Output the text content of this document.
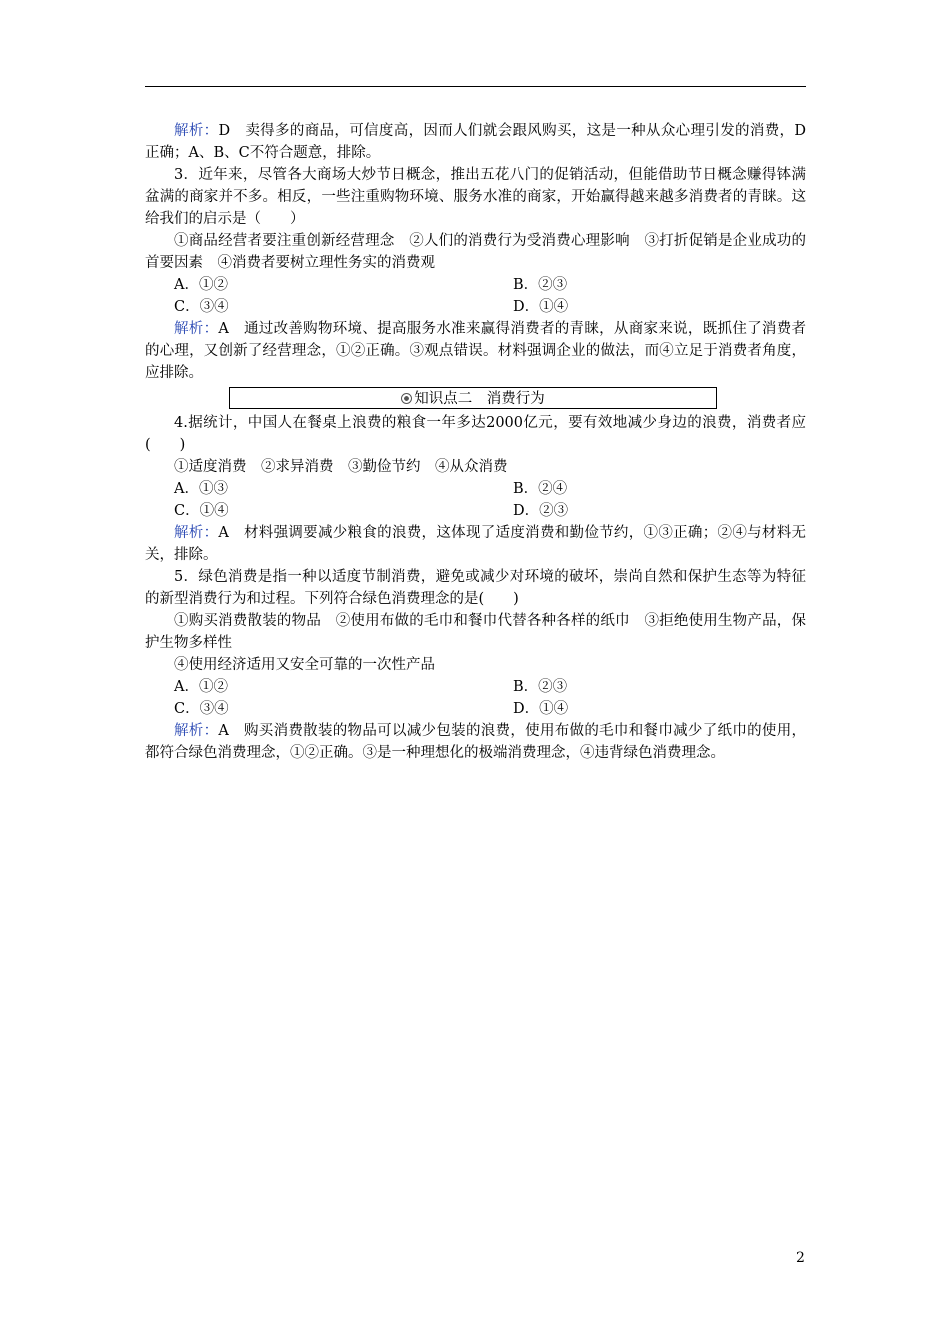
解析：D　卖得多的商品，可信度高，因而人们就会跟风购买，这是一种从众心理引发的消费，D正确；A、B、C不符合题意，排除。

3．近年来，尽管各大商场大炒节日概念，推出五花八门的促销活动，但能借助节日概念赚得钵满盆满的商家并不多。相反，一些注重购物环境、服务水准的商家，开始赢得越来越多消费者的青睐。这给我们的启示是（　　）

①商品经营者要注重创新经营理念　②人们的消费行为受消费心理影响　③打折促销是企业成功的首要因素　④消费者要树立理性务实的消费观

A．①②	B．②③
C．③④	D．①④

解析：A　通过改善购物环境、提高服务水准来赢得消费者的青睐，从商家来说，既抓住了消费者的心理，又创新了经营理念，①②正确。③观点错误。材料强调企业的做法，而④立足于消费者角度，应排除。

知识点二　消费行为

4.据统计，中国人在餐桌上浪费的粮食一年多达2000亿元，要有效地减少身边的浪费，消费者应(　　)

①适度消费　②求异消费　③勤俭节约　④从众消费

A．①③	B．②④
C．①④	D．②③

解析：A　材料强调要减少粮食的浪费，这体现了适度消费和勤俭节约，①③正确；②④与材料无关，排除。

5．绿色消费是指一种以适度节制消费，避免或减少对环境的破坏，崇尚自然和保护生态等为特征的新型消费行为和过程。下列符合绿色消费理念的是(　　)

①购买消费散装的物品　②使用布做的毛巾和餐巾代替各种各样的纸巾　③拒绝使用生物产品，保护生物多样性

④使用经济适用又安全可靠的一次性产品

A．①②	B．②③
C．③④	D．①④

解析：A　购买消费散装的物品可以减少包装的浪费，使用布做的毛巾和餐巾减少了纸巾的使用，都符合绿色消费理念，①②正确。③是一种理想化的极端消费理念，④违背绿色消费理念。

2
